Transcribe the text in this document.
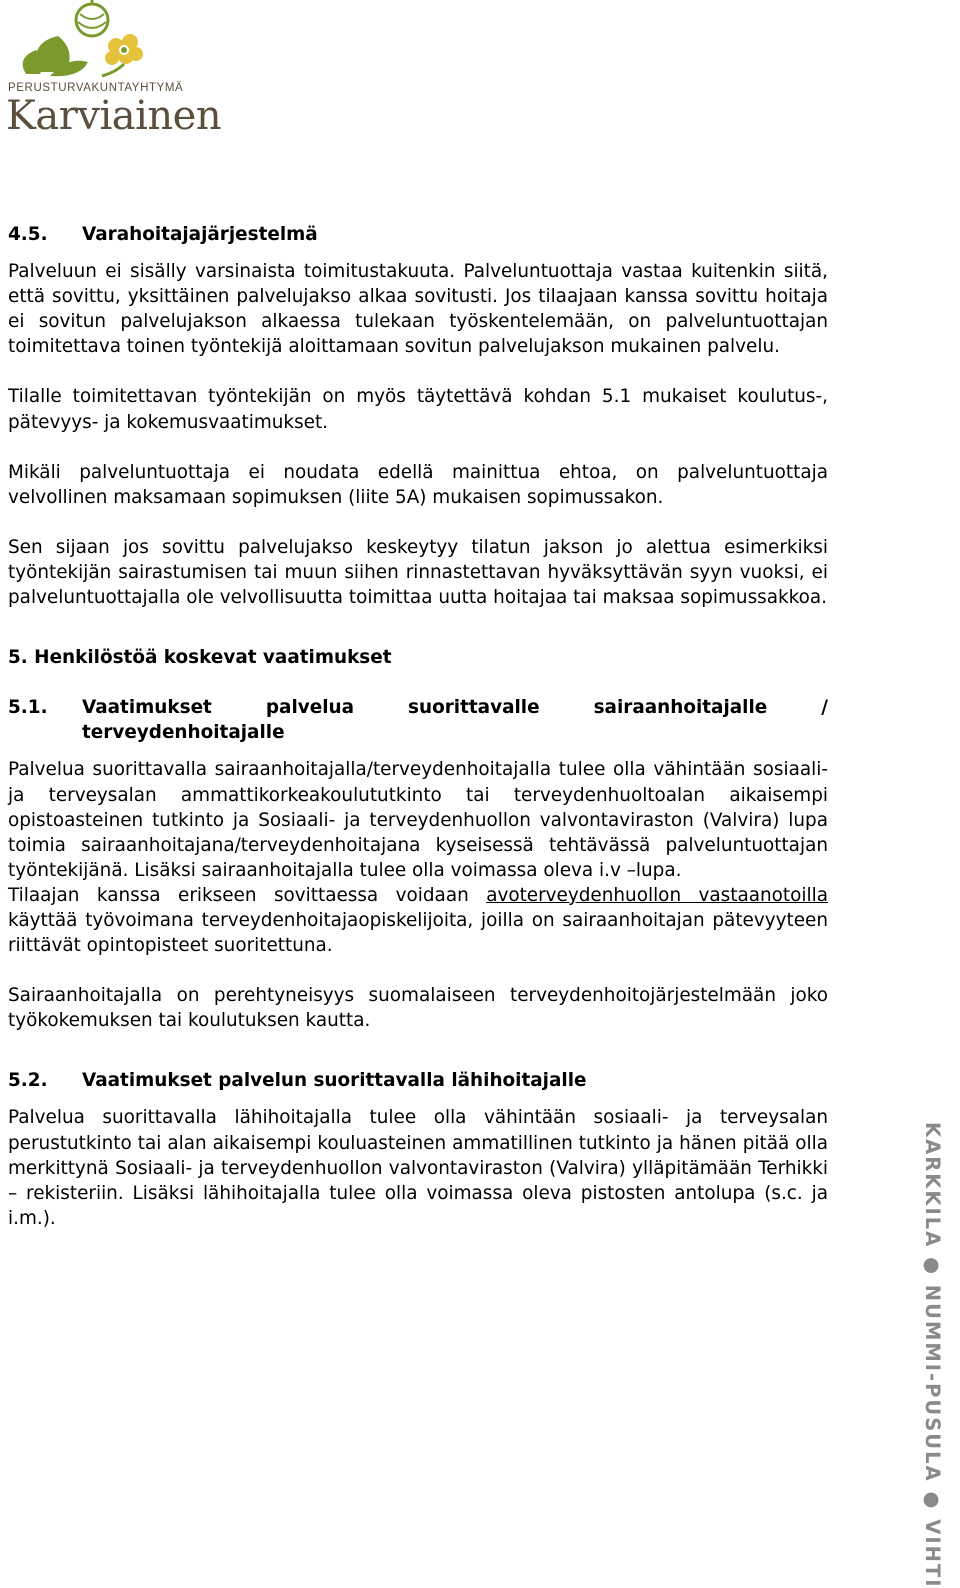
PERUSTURVAKUNTAYHTYMÄ
Karviainen
4.5.	Varahoitajajärjestelmä

Palveluun ei sisälly varsinaista toimitustakuuta. Palveluntuottaja vastaa kuitenkin siitä, että sovittu, yksittäinen palvelujakso alkaa sovitusti. Jos tilaajaan kanssa sovittu hoitaja ei sovitun palvelujakson alkaessa tulekaan työskentelemään, on palveluntuottajan toimitettava toinen työntekijä aloittamaan sovitun palvelujakson mukainen palvelu.

Tilalle toimitettavan työntekijän on myös täytettävä kohdan 5.1 mukaiset koulutus-, pätevyys- ja kokemusvaatimukset.

Mikäli palveluntuottaja ei noudata edellä mainittua ehtoa, on palveluntuottaja velvollinen maksamaan sopimuksen (liite 5A) mukaisen sopimussakon.

Sen sijaan jos sovittu palvelujakso keskeytyy tilatun jakson jo alettua esimerkiksi työntekijän sairastumisen tai muun siihen rinnastettavan hyväksyttävän syyn vuoksi, ei palveluntuottajalla ole velvollisuutta toimittaa uutta hoitajaa tai maksaa sopimussakkoa.

5. Henkilöstöä koskevat vaatimukset
5.1.	Vaatimukset palvelua suorittavalle sairaanhoitajalle / terveydenhoitajalle

Palvelua suorittavalla sairaanhoitajalla/terveydenhoitajalla tulee olla vähintään sosiaali- ja terveysalan ammattikorkeakoulututkinto tai terveydenhuoltoalan aikaisempi opistoasteinen tutkinto ja Sosiaali- ja terveydenhuollon valvontaviraston (Valvira) lupa toimia sairaanhoitajana/terveydenhoitajana kyseisessä tehtävässä palveluntuottajan työntekijänä. Lisäksi sairaanhoitajalla tulee olla voimassa oleva i.v –lupa.

Tilaajan kanssa erikseen sovittaessa voidaan avoterveydenhuollon vastaanotoilla käyttää työvoimana terveydenhoitajaopiskelijoita, joilla on sairaanhoitajan pätevyyteen riittävät opintopisteet suoritettuna.

Sairaanhoitajalla on perehtyneisyys suomalaiseen terveydenhoitojärjestelmään joko työkokemuksen tai koulutuksen kautta.

5.2.	Vaatimukset palvelun suorittavalla lähihoitajalle

Palvelua suorittavalla lähihoitajalla tulee olla vähintään sosiaali- ja terveysalan perustutkinto tai alan aikaisempi kouluasteinen ammatillinen tutkinto ja hänen pitää olla merkittynä Sosiaali- ja terveydenhuollon valvontaviraston (Valvira) ylläpitämään Terhikki – rekisteriin. Lisäksi lähihoitajalla tulee olla voimassa oleva pistosten antolupa (s.c. ja i.m.).	KARKKILA ● NUMMI-PUSULA ● VIHTI
